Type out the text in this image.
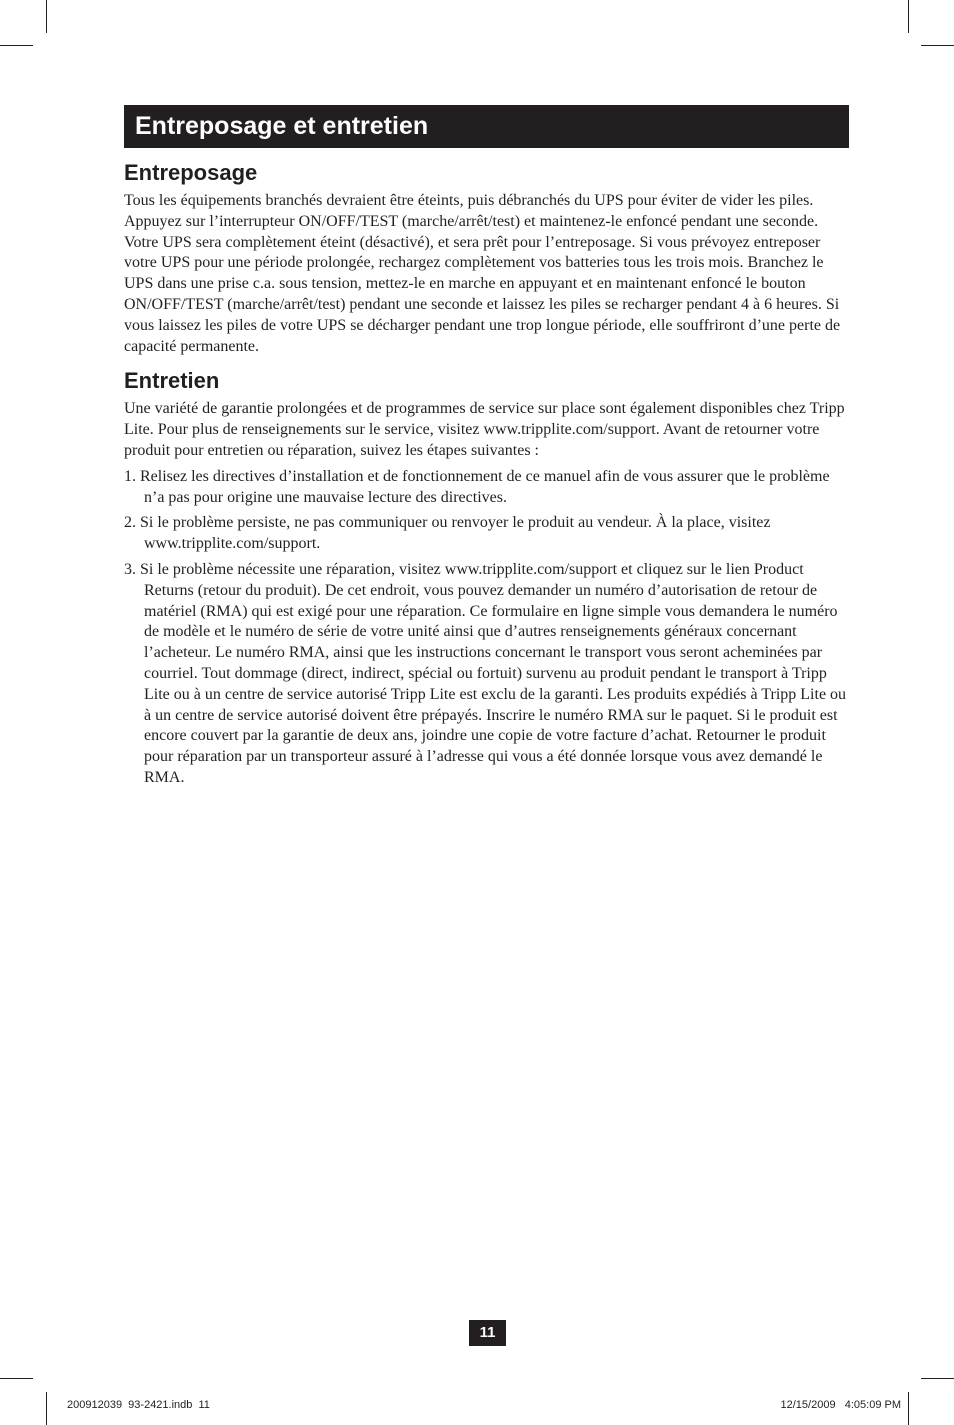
Entreposage et entretien
Entreposage

Tous les équipements branchés devraient être éteints, puis débranchés du UPS pour éviter de vider les piles. Appuyez sur l’interrupteur ON/OFF/TEST (marche/arrêt/test) et maintenez-le enfoncé pendant une seconde. Votre UPS sera complètement éteint (désactivé), et sera prêt pour l’entreposage. Si vous prévoyez entreposer votre UPS pour une période prolongée, rechargez complètement vos batteries tous les trois mois. Branchez le UPS dans une prise c.a. sous tension, mettez-le en marche en appuyant et en maintenant enfoncé le bouton ON/OFF/TEST (marche/arrêt/test) pendant une seconde et laissez les piles se recharger pendant 4 à 6 heures. Si vous laissez les piles de votre UPS se décharger pendant une trop longue période, elle souffriront d’une perte de capacité permanente.

Entretien

Une variété de garantie prolongées et de programmes de service sur place sont également disponibles chez Tripp Lite. Pour plus de renseignements sur le service, visitez www.tripplite.com/support. Avant de retourner votre produit pour entretien ou réparation, suivez les étapes suivantes :

1. Relisez les directives d’installation et de fonctionnement de ce manuel afin de vous assurer que le problème n’a pas pour origine une mauvaise lecture des directives.
2. Si le problème persiste, ne pas communiquer ou renvoyer le produit au vendeur. À la place, visitez www.tripplite.com/support.
3. Si le problème nécessite une réparation, visitez www.tripplite.com/support et cliquez sur le lien Product Returns (retour du produit). De cet endroit, vous pouvez demander un numéro d’autorisation de retour de matériel (RMA) qui est exigé pour une réparation. Ce formulaire en ligne simple vous demandera le numéro de modèle et le numéro de série de votre unité ainsi que d’autres renseignements généraux concernant l’acheteur. Le numéro RMA, ainsi que les instructions concernant le transport vous seront acheminées par courriel. Tout dommage (direct, indirect, spécial ou fortuit) survenu au produit pendant le transport à Tripp Lite ou à un centre de service autorisé Tripp Lite est exclu de la garanti. Les produits expédiés à Tripp Lite ou à un centre de service autorisé doivent être prépayés. Inscrire le numéro RMA sur le paquet. Si le produit est encore couvert par la garantie de deux ans, joindre une copie de votre facture d’achat. Retourner le produit pour réparation par un transporteur assuré à l’adresse qui vous a été donnée lorsque vous avez demandé le RMA.
11
200912039  93-2421.indb  11	12/15/2009   4:05:09 PM
